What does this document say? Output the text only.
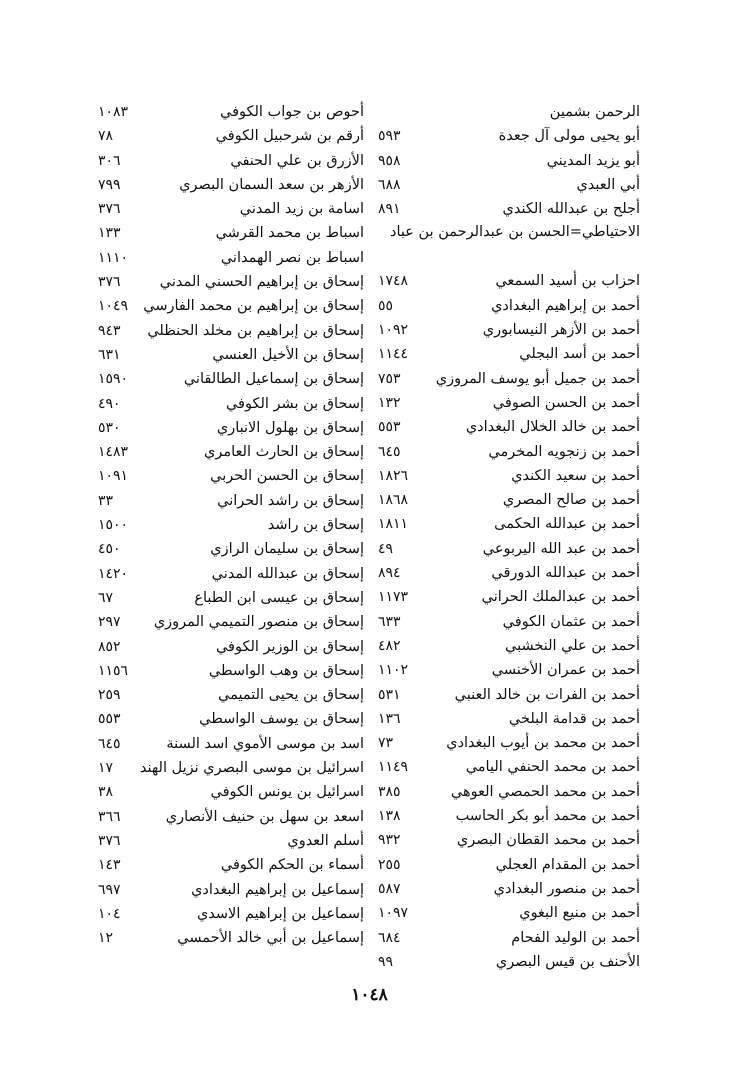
الرحمن بشمين
أبو يحيى مولى آل جعدة
٥٩٣
أبو يزيد المديني
٩٥٨
أبي العبدي
٦٨٨
أجلح بن عبدالله الكندي
٨٩١
الاحتياطي=الحسن بن عبدالرحمن بن عباد
احزاب بن أسيد السمعي
١٧٤٨
أحمد بن إبراهيم البغدادي
٥٥
أحمد بن الأزهر النيسابوري
١٠٩٢
أحمد بن أسد البجلي
١١٤٤
أحمد بن جميل أبو يوسف المروزي
٧٥٣
أحمد بن الحسن الصوفي
١٣٢
أحمد بن خالد الخلال البغدادي
٥٥٣
أحمد بن زنجويه المخرمي
٦٤٥
أحمد بن سعيد الكندي
١٨٢٦
أحمد بن صالح المصري
١٨٦٨
أحمد بن عبدالله الحكمى
١٨١١
أحمد بن عبد الله اليربوعي
٤٩
أحمد بن عبدالله الدورقي
٨٩٤
أحمد بن عبدالملك الحراني
١١٧٣
أحمد بن عثمان الكوفي
٦٣٣
أحمد بن علي النخشبي
٤٨٢
أحمد بن عمران الأخنسي
١١٠٢
أحمد بن الفرات بن خالد العنبي
٥٣١
أحمد بن قدامة البلخي
١٣٦
أحمد بن محمد بن أيوب البغدادي
٧٣
أحمد بن محمد الحنفي اليامي
١١٤٩
أحمد بن محمد الحمصي العوهي
٣٨٥
أحمد بن محمد أبو بكر الحاسب
١٣٨
أحمد بن محمد القطان البصري
٩٣٢
أحمد بن المقدام العجلي
٢٥٥
أحمد بن منصور البغدادي
٥٨٧
أحمد بن منيع البغوي
١٠٩٧
أحمد بن الوليد الفحام
٦٨٤
الأحنف بن قيس البصري
٩٩
أحوص بن جواب الكوفي
١٠٨٣
أرقم بن شرحبيل الكوفي
٧٨
الأزرق بن علي الحنفي
٣٠٦
الأزهر بن سعد السمان البصري
٧٩٩
اسامة بن زيد المدني
٣٧٦
اسباط بن محمد القرشي
١٣٣
اسباط بن نصر الهمداني
١١١٠
إسحاق بن إبراهيم الحسني المدني
٣٧٦
إسحاق بن إبراهيم بن محمد الفارسي
١٠٤٩
إسحاق بن إبراهيم بن مخلد الحنظلي
٩٤٣
إسحاق بن الأخيل العنسي
٦٣١
إسحاق بن إسماعيل الطالقاني
١٥٩٠
إسحاق بن بشر الكوفي
٤٩٠
إسحاق بن بهلول الانباري
٥٣٠
إسحاق بن الحارث العامري
١٤٨٣
إسحاق بن الحسن الحربي
١٠٩١
إسحاق بن راشد الحراني
٣٣
إسحاق بن راشد
١٥٠٠
إسحاق بن سليمان الرازي
٤٥٠
إسحاق بن عبدالله المدني
١٤٢٠
إسحاق بن عيسى ابن الطباع
٦٧
إسحاق بن منصور التميمي المروزي
٢٩٧
إسحاق بن الوزير الكوفي
٨٥٢
إسحاق بن وهب الواسطي
١١٥٦
إسحاق بن يحيى التميمي
٢٥٩
إسحاق بن يوسف الواسطي
٥٥٣
اسد بن موسى الأموي اسد السنة
٦٤٥
اسرائيل بن موسى البصري نزيل الهند
١٧
اسرائيل بن يونس الكوفي
٣٨
اسعد بن سهل بن حنيف الأنصاري
٣٦٦
أسلم العدوي
٣٧٦
أسماء بن الحكم الكوفي
١٤٣
إسماعيل بن إبراهيم البغدادي
٦٩٧
إسماعيل بن إبراهيم الاسدي
١٠٤
إسماعيل بن أبي خالد الأحمسي
١٢
١٠٤٨
